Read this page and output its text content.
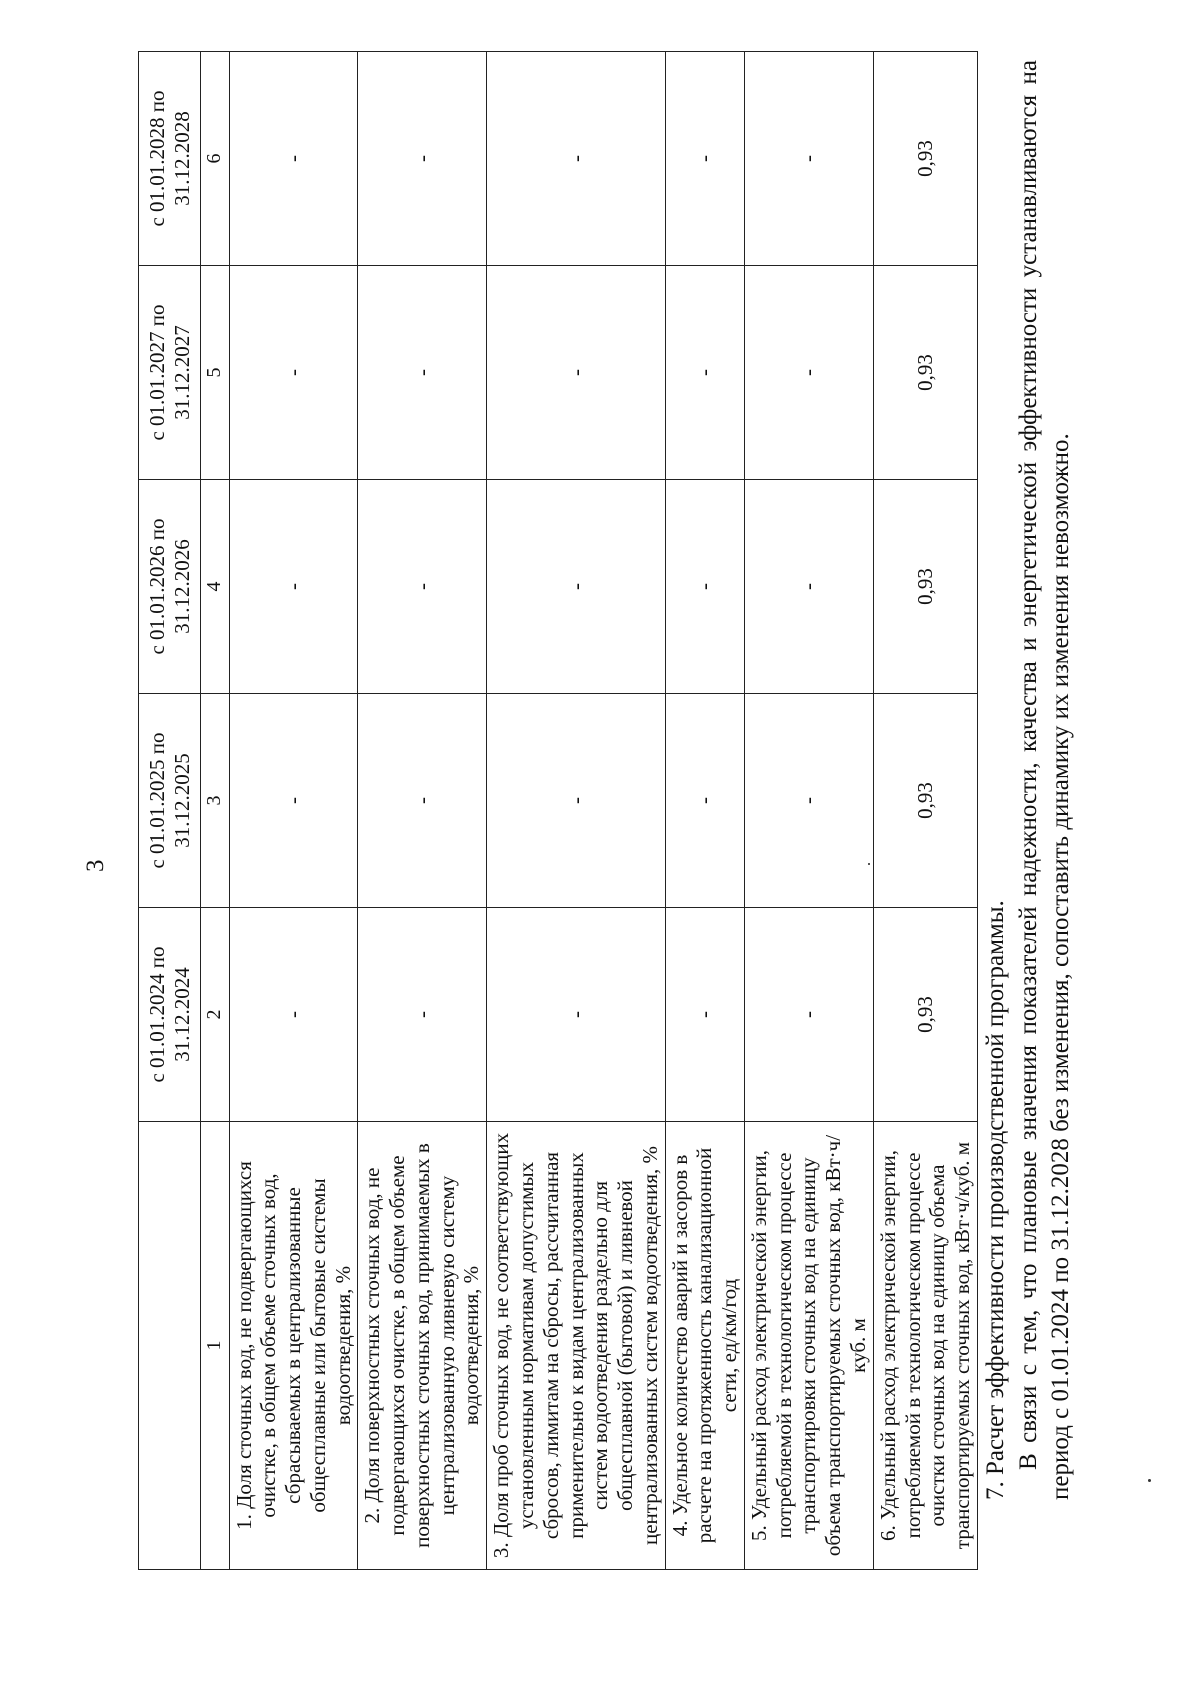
3
	с 01.01.2024 по 31.12.2024	с 01.01.2025 по 31.12.2025	с 01.01.2026 по 31.12.2026	с 01.01.2027 по 31.12.2027	с 01.01.2028 по 31.12.2028
1	2	3	4	5	6
1. Доля сточных вод, не подвергающихся очистке, в общем объеме сточных вод, сбрасываемых в централизованные общесплавные или бытовые системы водоотведения, %	-	-	-	-	-
2. Доля поверхностных сточных вод, не подвергающихся очистке, в общем объеме поверхностных сточных вод, принимаемых в централизованную ливневую систему водоотведения, %	-	-	-	-	-
3. Доля проб сточных вод, не соответствующих установленным нормативам допустимых сбросов, лимитам на сбросы, рассчитанная применительно к видам централизованных систем водоотведения раздельно для общесплавной (бытовой) и ливневой централизованных систем водоотведения, %	-	-	-	-	-
4. Удельное количество аварий и засоров в расчете на протяженность канализационной сети, ед/км/год	-	-	-	-	-
5. Удельный расход электрической энергии, потребляемой в технологическом процессе транспортировки сточных вод на единицу объема транспортируемых сточных вод, кВт·ч/куб. м	-	-	-	-	-
6. Удельный расход электрической энергии, потребляемой в технологическом процессе очистки сточных вод на единицу объема транспортируемых сточных вод, кВт·ч/куб. м	0,93	0,93	0,93	0,93	0,93

7. Расчет эффективности производственной программы. В связи с тем, что плановые значения показателей надежности, качества и энергетической эффективности устанавливаются на период с 01.01.2024 по 31.12.2028 без изменения, сопоставить динамику их изменения невозможно.
